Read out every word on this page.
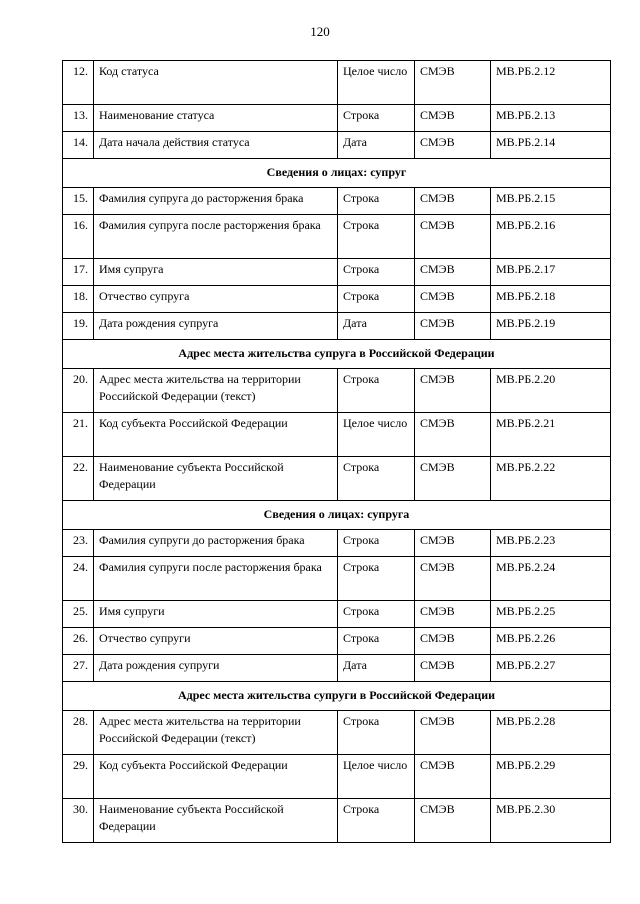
120
12.	Код статуса	Целое число	СМЭВ	МВ.РБ.2.12
13.	Наименование статуса	Строка	СМЭВ	МВ.РБ.2.13
14.	Дата начала действия статуса	Дата	СМЭВ	МВ.РБ.2.14
Сведения о лицах: супруг				
15.	Фамилия супруга до расторжения брака	Строка	СМЭВ	МВ.РБ.2.15
16.	Фамилия супруга после расторжения брака	Строка	СМЭВ	МВ.РБ.2.16
17.	Имя супруга	Строка	СМЭВ	МВ.РБ.2.17
18.	Отчество супруга	Строка	СМЭВ	МВ.РБ.2.18
19.	Дата рождения супруга	Дата	СМЭВ	МВ.РБ.2.19
Адрес места жительства супруга в Российской Федерации				
20.	Адрес места жительства на территории Российской Федерации (текст)	Строка	СМЭВ	МВ.РБ.2.20
21.	Код субъекта Российской Федерации	Целое число	СМЭВ	МВ.РБ.2.21
22.	Наименование субъекта Российской Федерации	Строка	СМЭВ	МВ.РБ.2.22
Сведения о лицах: супруга				
23.	Фамилия супруги до расторжения брака	Строка	СМЭВ	МВ.РБ.2.23
24.	Фамилия супруги после расторжения брака	Строка	СМЭВ	МВ.РБ.2.24
25.	Имя супруги	Строка	СМЭВ	МВ.РБ.2.25
26.	Отчество супруги	Строка	СМЭВ	МВ.РБ.2.26
27.	Дата рождения супруги	Дата	СМЭВ	МВ.РБ.2.27
Адрес места жительства супруги в Российской Федерации				
28.	Адрес места жительства на территории Российской Федерации (текст)	Строка	СМЭВ	МВ.РБ.2.28
29.	Код субъекта Российской Федерации	Целое число	СМЭВ	МВ.РБ.2.29
30.	Наименование субъекта Российской Федерации	Строка	СМЭВ	МВ.РБ.2.30
